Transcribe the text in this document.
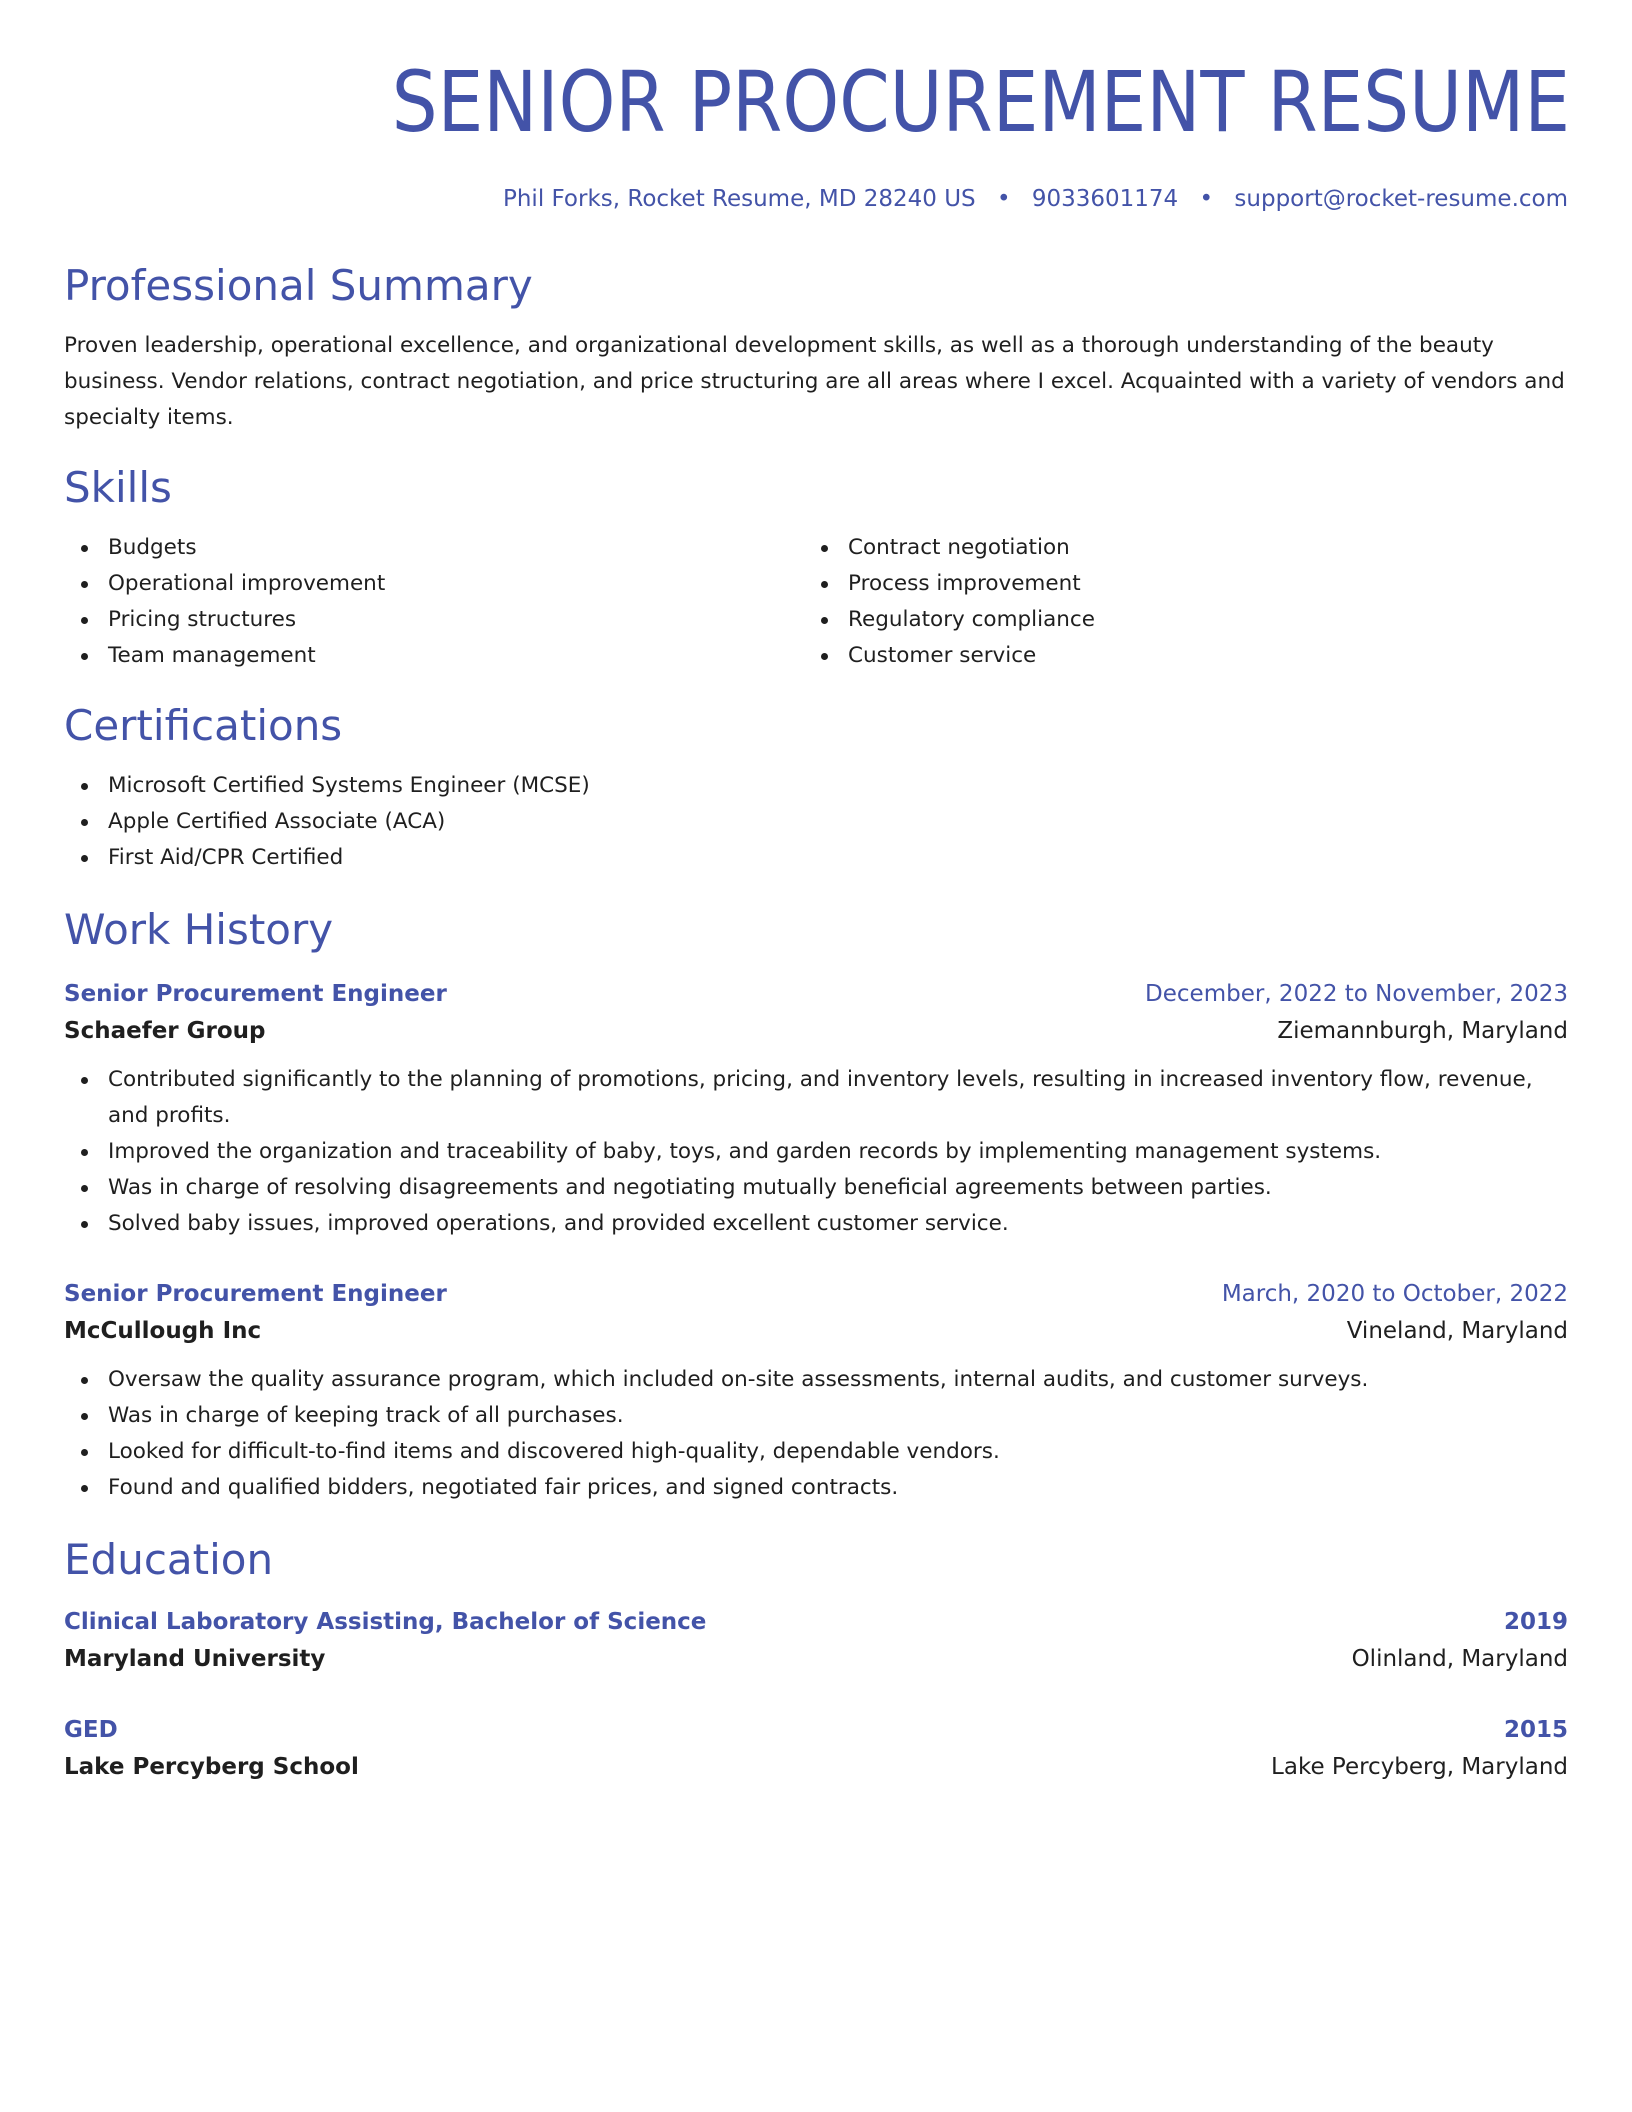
SENIOR PROCUREMENT RESUME
Phil Forks, Rocket Resume, MD 28240 US • 9033601174 • support@rocket-resume.com
Professional Summary

Proven leadership, operational excellence, and organizational development skills, as well as a thorough understanding of the beauty business. Vendor relations, contract negotiation, and price structuring are all areas where I excel. Acquainted with a variety of vendors and specialty items.

Skills
Budgets
Operational improvement
Pricing structures
Team management
Contract negotiation
Process improvement
Regulatory compliance
Customer service
Certifications
Microsoft Certified Systems Engineer (MCSE)
Apple Certified Associate (ACA)
First Aid/CPR Certified
Work History
Senior Procurement Engineer	December, 2022 to November, 2023
Schaefer Group	Ziemannburgh, Maryland
Contributed significantly to the planning of promotions, pricing, and inventory levels, resulting in increased inventory flow, revenue, and profits.
Improved the organization and traceability of baby, toys, and garden records by implementing management systems.
Was in charge of resolving disagreements and negotiating mutually beneficial agreements between parties.
Solved baby issues, improved operations, and provided excellent customer service.
Senior Procurement Engineer	March, 2020 to October, 2022
McCullough Inc	Vineland, Maryland
Oversaw the quality assurance program, which included on-site assessments, internal audits, and customer surveys.
Was in charge of keeping track of all purchases.
Looked for difficult-to-find items and discovered high-quality, dependable vendors.
Found and qualified bidders, negotiated fair prices, and signed contracts.
Education
Clinical Laboratory Assisting, Bachelor of Science	2019
Maryland University	Olinland, Maryland
GED	2015
Lake Percyberg School	Lake Percyberg, Maryland
